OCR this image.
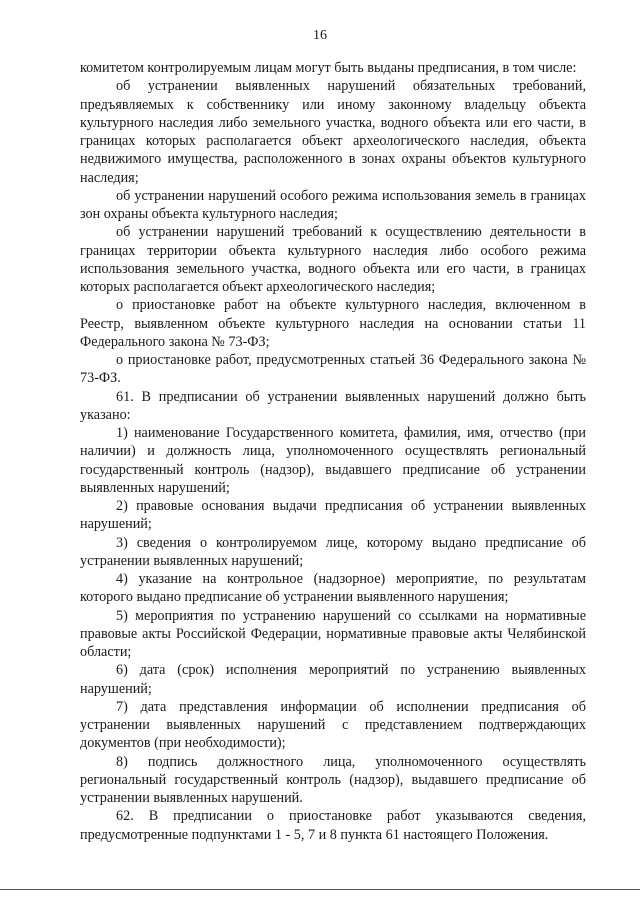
16

комитетом контролируемым лицам могут быть выданы предписания, в том числе:

об устранении выявленных нарушений обязательных требований, предъявляемых к собственнику или иному законному владельцу объекта культурного наследия либо земельного участка, водного объекта или его части, в границах которых располагается объект археологического наследия, объекта недвижимого имущества, расположенного в зонах охраны объектов культурного наследия;

об устранении нарушений особого режима использования земель в границах зон охраны объекта культурного наследия;

об устранении нарушений требований к осуществлению деятельности в границах территории объекта культурного наследия либо особого режима использования земельного участка, водного объекта или его части, в границах которых располагается объект археологического наследия;

о приостановке работ на объекте культурного наследия, включенном в Реестр, выявленном объекте культурного наследия на основании статьи 11 Федерального закона № 73-ФЗ;

о приостановке работ, предусмотренных статьей 36 Федерального закона № 73-ФЗ.

61. В предписании об устранении выявленных нарушений должно быть указано:

1) наименование Государственного комитета, фамилия, имя, отчество (при наличии) и должность лица, уполномоченного осуществлять региональный государственный контроль (надзор), выдавшего предписание об устранении выявленных нарушений;

2) правовые основания выдачи предписания об устранении выявленных нарушений;

3) сведения о контролируемом лице, которому выдано предписание об устранении выявленных нарушений;

4) указание на контрольное (надзорное) мероприятие, по результатам которого выдано предписание об устранении выявленного нарушения;

5) мероприятия по устранению нарушений со ссылками на нормативные правовые акты Российской Федерации, нормативные правовые акты Челябинской области;

6) дата (срок) исполнения мероприятий по устранению выявленных нарушений;

7) дата представления информации об исполнении предписания об устранении выявленных нарушений с представлением подтверждающих документов (при необходимости);

8) подпись должностного лица, уполномоченного осуществлять региональный государственный контроль (надзор), выдавшего предписание об устранении выявленных нарушений.

62. В предписании о приостановке работ указываются сведения, предусмотренные подпунктами 1 - 5, 7 и 8 пункта 61 настоящего Положения.
